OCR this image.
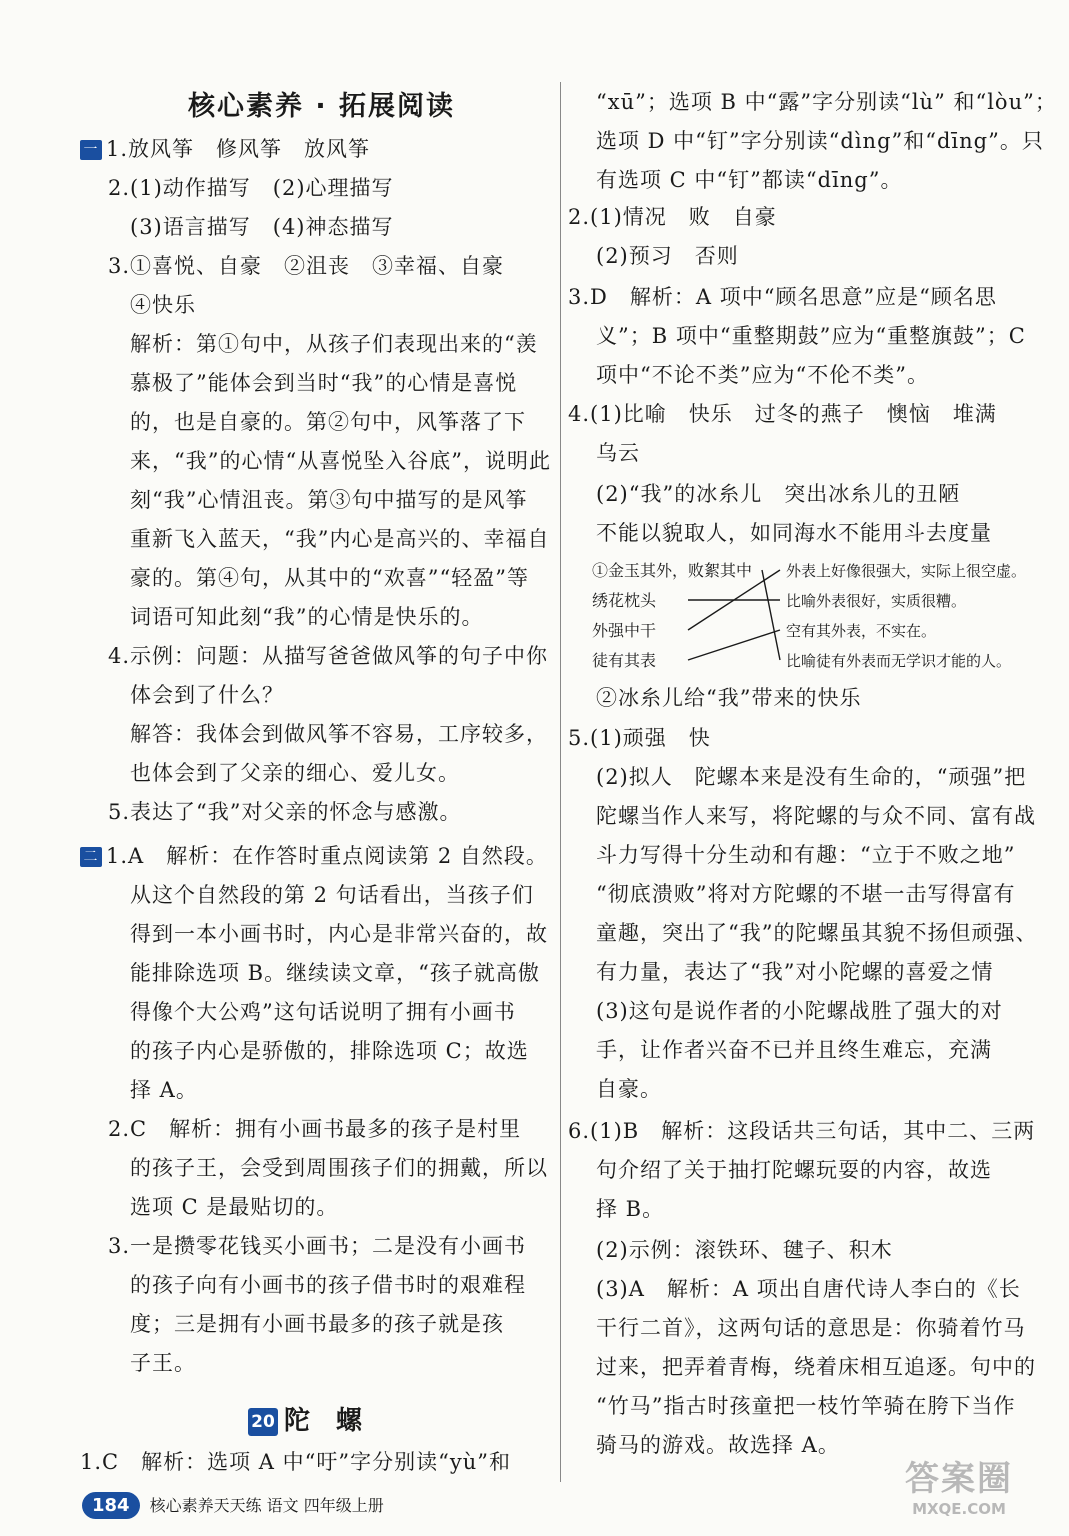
核心素养 · 拓展阅读
一 1.放风筝　修风筝　放风筝
2.(1)动作描写　(2)心理描写
(3)语言描写　(4)神态描写
3.①喜悦、自豪　②沮丧　③幸福、自豪
④快乐
解析：第①句中，从孩子们表现出来的“羡
慕极了”能体会到当时“我”的心情是喜悦
的，也是自豪的。第②句中，风筝落了下
来，“我”的心情“从喜悦坠入谷底”，说明此
刻“我”心情沮丧。第③句中描写的是风筝
重新飞入蓝天，“我”内心是高兴的、幸福自
豪的。第④句，从其中的“欢喜”“轻盈”等
词语可知此刻“我”的心情是快乐的。
4.示例：问题：从描写爸爸做风筝的句子中你
体会到了什么？
解答：我体会到做风筝不容易，工序较多，
也体会到了父亲的细心、爱儿女。
5.表达了“我”对父亲的怀念与感激。
二 1.A　解析：在作答时重点阅读第 2 自然段。
从这个自然段的第 2 句话看出，当孩子们
得到一本小画书时，内心是非常兴奋的，故
能排除选项 B。继续读文章，“孩子就高傲
得像个大公鸡”这句话说明了拥有小画书
的孩子内心是骄傲的，排除选项 C；故选
择 A。
2.C　解析：拥有小画书最多的孩子是村里
的孩子王，会受到周围孩子们的拥戴，所以
选项 C 是最贴切的。
3.一是攒零花钱买小画书；二是没有小画书
的孩子向有小画书的孩子借书时的艰难程
度；三是拥有小画书最多的孩子就是孩
子王。
1.C　解析：选项 A 中“吁”字分别读“yù”和
20 陀　螺
“xū”；选项 B 中“露”字分别读“lù” 和“lòu”；
选项 D 中“钉”字分别读“dìng”和“dīng”。只
有选项 C 中“钉”都读“dīng”。
2.(1)情况　败　自豪
(2)预习　否则
3.D　解析：A 项中“顾名思意”应是“顾名思
义”；B 项中“重整期鼓”应为“重整旗鼓”；C
项中“不论不类”应为“不伦不类”。
4.(1)比喻　快乐　过冬的燕子　懊恼　堆满
乌云
(2)“我”的冰糸儿　突出冰糸儿的丑陋
不能以貌取人，如同海水不能用斗去度量
②冰糸儿给“我”带来的快乐
5.(1)顽强　快
(2)拟人　陀螺本来是没有生命的，“顽强”把
陀螺当作人来写，将陀螺的与众不同、富有战
斗力写得十分生动和有趣：“立于不败之地”
“彻底溃败”将对方陀螺的不堪一击写得富有
童趣，突出了“我”的陀螺虽其貌不扬但顽强、
有力量，表达了“我”对小陀螺的喜爱之情
(3)这句是说作者的小陀螺战胜了强大的对
手，让作者兴奋不已并且终生难忘，充满
自豪。
6.(1)B　解析：这段话共三句话，其中二、三两
句介绍了关于抽打陀螺玩耍的内容，故选
择 B。
(2)示例：滚铁环、毽子、积木
(3)A　解析：A 项出自唐代诗人李白的《长
干行二首》，这两句话的意思是：你骑着竹马
过来，把弄着青梅，绕着床相互追逐。句中的
“竹马”指古时孩童把一枝竹竿骑在胯下当作
骑马的游戏。故选择 A。
①金玉其外，败絮其中
绣花枕头
外强中干
徒有其表
外表上好像很强大，实际上很空虚。
比喻外表很好，实质很糟。
空有其外表，不实在。
比喻徒有外表而无学识才能的人。
184 核心素养天天练 语文 四年级上册
答案圈
MXQE.COM
